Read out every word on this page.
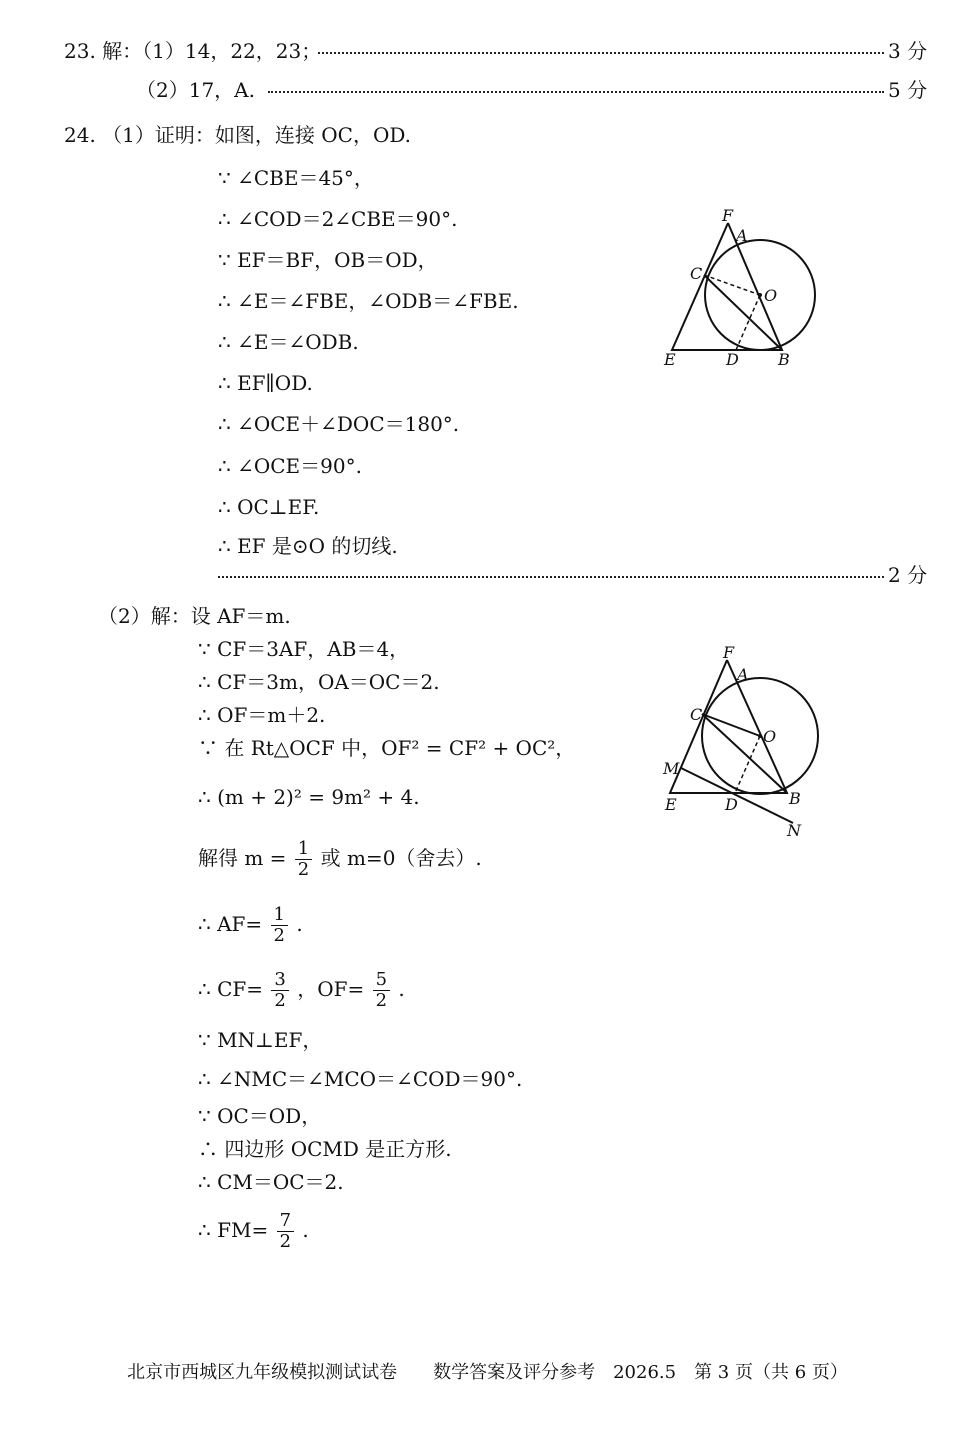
23. 解：（1）14，22，23；	3 分
（2）17，A.	5 分
24. （1）证明：如图，连接 OC，OD.
∵ ∠CBE＝45°，
∴ ∠COD＝2∠CBE＝90°.
∵ EF＝BF，OB＝OD，
∴ ∠E＝∠FBE，∠ODB＝∠FBE.
∴ ∠E＝∠ODB.
∴ EF∥OD.
∴ ∠OCE＋∠DOC＝180°.
∴ ∠OCE＝90°.
∴ OC⊥EF.
∴ EF 是⊙O 的切线.
2 分
F
A
C
O
E	D B
（2）解：设 AF＝m.
∵ CF＝3AF，AB＝4，
∴ CF＝3m，OA＝OC＝2.
∴ OF＝m＋2.
∵ 在 Rt△OCF 中，OF² = CF² + OC²，
∴ (m + 2)² = 9m² + 4.
解得 $m = \frac{1}{2}$ 或 m=0（舍去）.
∴ $AF= \frac{1}{2}$ .
∴ $CF= \frac{3}{2}$ ，$OF= \frac{5}{2}$ .
∵ MN⊥EF，
∴ ∠NMC＝∠MCO＝∠COD＝90°.
∵ OC＝OD，
∴ 四边形 OCMD 是正方形.
∴ CM＝OC＝2.
∴ $FM= \frac{7}{2}$ .
F
A
C
O
M
E	D	B
N
北京市西城区九年级模拟测试试卷　　数学答案及评分参考　2026.5　第 3 页（共 6 页）
